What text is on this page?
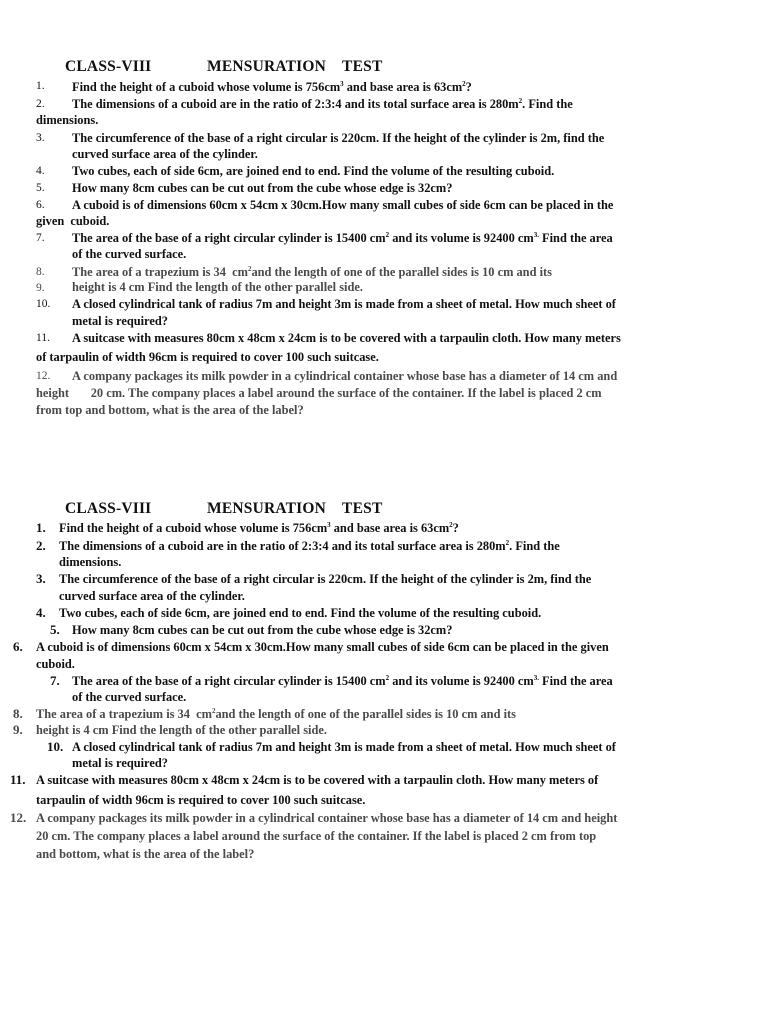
CLASS-VIII	MENSURATION    TEST

1. Find the height of a cuboid whose volume is $756cm^3$ and base area is $63cm^2$?

2. The dimensions of a cuboid are in the ratio of 2:3:4 and its total surface area is $280m^2$. Find the

dimensions.

3. The circumference of the base of a right circular is 220cm. If the height of the cylinder is 2m, find the

curved surface area of the cylinder.

4. Two cubes, each of side 6cm, are joined end to end. Find the volume of the resulting cuboid.

5. How many 8cm cubes can be cut out from the cube whose edge is 32cm?

6. A cuboid is of dimensions 60cm x 54cm x 30cm.How many small cubes of side 6cm can be placed in the

given  cuboid.

7. The area of the base of a right circular cylinder is 15400 $cm^2$ and its volume is 92400 $cm^{3.}$ Find the area

of the curved surface.

8. The area of a trapezium is 34  $cm^2and$ the length of one of the parallel sides is 10 cm and its

9. height is 4 cm Find the length of the other parallel side.

10. A closed cylindrical tank of radius 7m and height 3m is made from a sheet of metal. How much sheet of

metal is required?

11. A suitcase with measures 80cm x 48cm x 24cm is to be covered with a tarpaulin cloth. How many meters

of tarpaulin of width 96cm is required to cover 100 such suitcase.

12. A company packages its milk powder in a cylindrical container whose base has a diameter of 14 cm and

height       20 cm. The company places a label around the surface of the container. If the label is placed 2 cm

from top and bottom, what is the area of the label?

CLASS-VIII	MENSURATION    TEST

1. Find the height of a cuboid whose volume is $756cm^3$ and base area is $63cm^2$?

2. The dimensions of a cuboid are in the ratio of 2:3:4 and its total surface area is $280m^2$. Find the

dimensions.

3. The circumference of the base of a right circular is 220cm. If the height of the cylinder is 2m, find the

curved surface area of the cylinder.

4. Two cubes, each of side 6cm, are joined end to end. Find the volume of the resulting cuboid.

5. How many 8cm cubes can be cut out from the cube whose edge is 32cm?

6. A cuboid is of dimensions 60cm x 54cm x 30cm.How many small cubes of side 6cm can be placed in the given

cuboid.

7. The area of the base of a right circular cylinder is 15400 $cm^2$ and its volume is 92400 $cm^{3.}$ Find the area

of the curved surface.

8. The area of a trapezium is 34  $cm^2and$ the length of one of the parallel sides is 10 cm and its

9. height is 4 cm Find the length of the other parallel side.

10. A closed cylindrical tank of radius 7m and height 3m is made from a sheet of metal. How much sheet of

metal is required?

11. A suitcase with measures 80cm x 48cm x 24cm is to be covered with a tarpaulin cloth. How many meters of

tarpaulin of width 96cm is required to cover 100 such suitcase.

12. A company packages its milk powder in a cylindrical container whose base has a diameter of 14 cm and height

20 cm. The company places a label around the surface of the container. If the label is placed 2 cm from top

and bottom, what is the area of the label?
